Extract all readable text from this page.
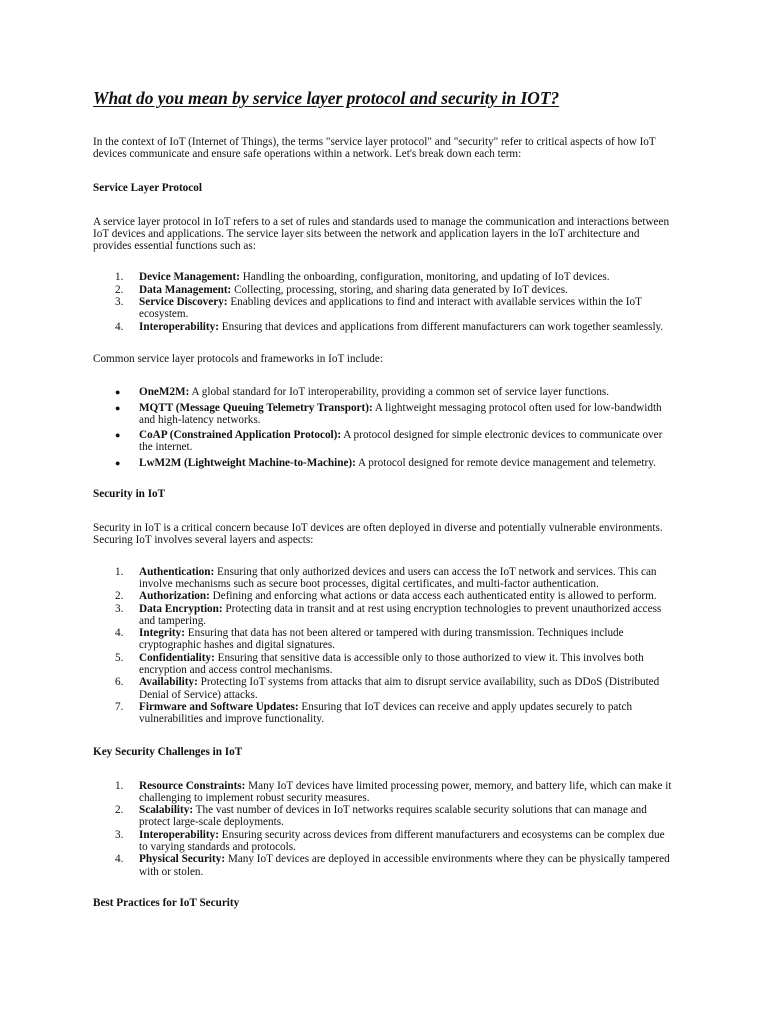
What do you mean by service layer protocol and security in IOT?

In the context of IoT (Internet of Things), the terms "service layer protocol" and "security" refer to critical aspects of how IoT devices communicate and ensure safe operations within a network. Let's break down each term:

Service Layer Protocol

A service layer protocol in IoT refers to a set of rules and standards used to manage the communication and interactions between IoT devices and applications. The service layer sits between the network and application layers in the IoT architecture and provides essential functions such as:

1. Device Management: Handling the onboarding, configuration, monitoring, and updating of IoT devices.
2. Data Management: Collecting, processing, storing, and sharing data generated by IoT devices.
3. Service Discovery: Enabling devices and applications to find and interact with available services within the IoT ecosystem.
4. Interoperability: Ensuring that devices and applications from different manufacturers can work together seamlessly.

Common service layer protocols and frameworks in IoT include:

● OneM2M: A global standard for IoT interoperability, providing a common set of service layer functions.
● MQTT (Message Queuing Telemetry Transport): A lightweight messaging protocol often used for low-bandwidth and high-latency networks.
● CoAP (Constrained Application Protocol): A protocol designed for simple electronic devices to communicate over the internet.
● LwM2M (Lightweight Machine-to-Machine): A protocol designed for remote device management and telemetry.
Security in IoT

Security in IoT is a critical concern because IoT devices are often deployed in diverse and potentially vulnerable environments. Securing IoT involves several layers and aspects:

1. Authentication: Ensuring that only authorized devices and users can access the IoT network and services. This can involve mechanisms such as secure boot processes, digital certificates, and multi-factor authentication.
2. Authorization: Defining and enforcing what actions or data access each authenticated entity is allowed to perform.
3. Data Encryption: Protecting data in transit and at rest using encryption technologies to prevent unauthorized access and tampering.
4. Integrity: Ensuring that data has not been altered or tampered with during transmission. Techniques include cryptographic hashes and digital signatures.
5. Confidentiality: Ensuring that sensitive data is accessible only to those authorized to view it. This involves both encryption and access control mechanisms.
6. Availability: Protecting IoT systems from attacks that aim to disrupt service availability, such as DDoS (Distributed Denial of Service) attacks.
7. Firmware and Software Updates: Ensuring that IoT devices can receive and apply updates securely to patch vulnerabilities and improve functionality.
Key Security Challenges in IoT
1. Resource Constraints: Many IoT devices have limited processing power, memory, and battery life, which can make it challenging to implement robust security measures.
2. Scalability: The vast number of devices in IoT networks requires scalable security solutions that can manage and protect large-scale deployments.
3. Interoperability: Ensuring security across devices from different manufacturers and ecosystems can be complex due to varying standards and protocols.
4. Physical Security: Many IoT devices are deployed in accessible environments where they can be physically tampered with or stolen.
Best Practices for IoT Security
